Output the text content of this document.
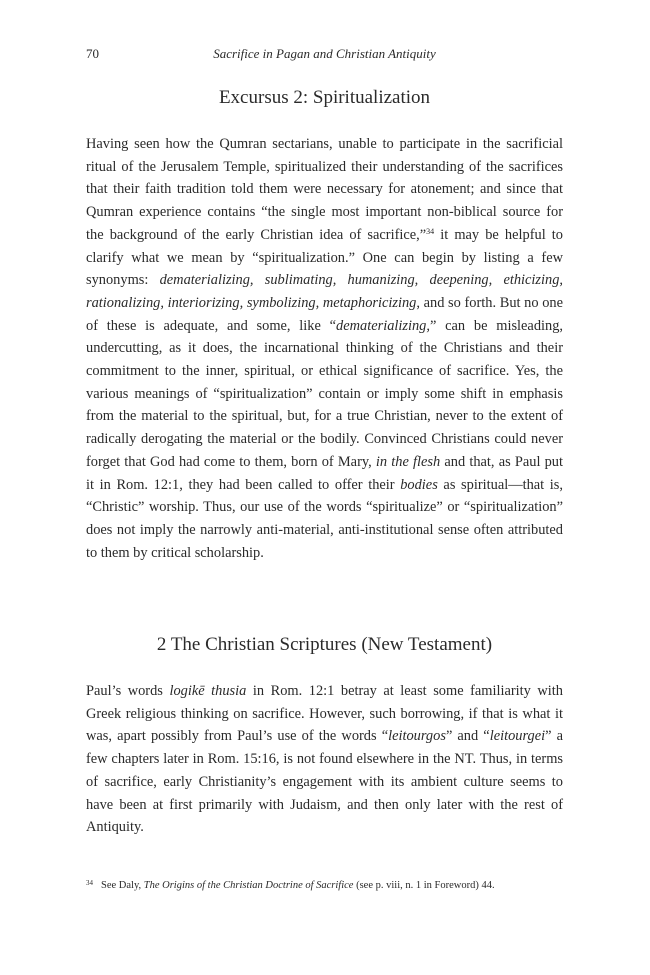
70	Sacrifice in Pagan and Christian Antiquity
Excursus 2: Spiritualization

Having seen how the Qumran sectarians, unable to participate in the sacrificial ritual of the Jerusalem Temple, spiritualized their understanding of the sacrifices that their faith tradition told them were necessary for atonement; and since that Qumran experience contains “the single most important non-biblical source for the background of the early Christian idea of sacrifice,”$^{34}$ it may be helpful to clarify what we mean by “spiritualization.” One can begin by listing a few synonyms: dematerializing, sublimating, humanizing, deepening, ethicizing, rationalizing, interiorizing, symbolizing, metaphoricizing, and so forth. But no one of these is adequate, and some, like “dematerializing,” can be misleading, undercutting, as it does, the incarnational thinking of the Christians and their commitment to the inner, spiritual, or ethical significance of sacrifice. Yes, the various meanings of “spiritualization” contain or imply some shift in emphasis from the material to the spiritual, but, for a true Christian, never to the extent of radically derogating the material or the bodily. Convinced Christians could never forget that God had come to them, born of Mary, in the flesh and that, as Paul put it in Rom. 12:1, they had been called to offer their bodies as spiritual—that is, “Christic” worship. Thus, our use of the words “spiritualize” or “spiritualization” does not imply the narrowly anti-material, anti-institutional sense often attributed to them by critical scholarship.

2 The Christian Scriptures (New Testament)

Paul’s words logikē thusia in Rom. 12:1 betray at least some familiarity with Greek religious thinking on sacrifice. However, such borrowing, if that is what it was, apart possibly from Paul’s use of the words “leitourgos” and “leitourgei” a few chapters later in Rom. 15:16, is not found elsewhere in the NT. Thus, in terms of sacrifice, early Christianity’s engagement with its ambient culture seems to have been at first primarily with Judaism, and then only later with the rest of Antiquity.

$^{34}$ See Daly, The Origins of the Christian Doctrine of Sacrifice (see p. viii, n. 1 in Foreword) 44.
